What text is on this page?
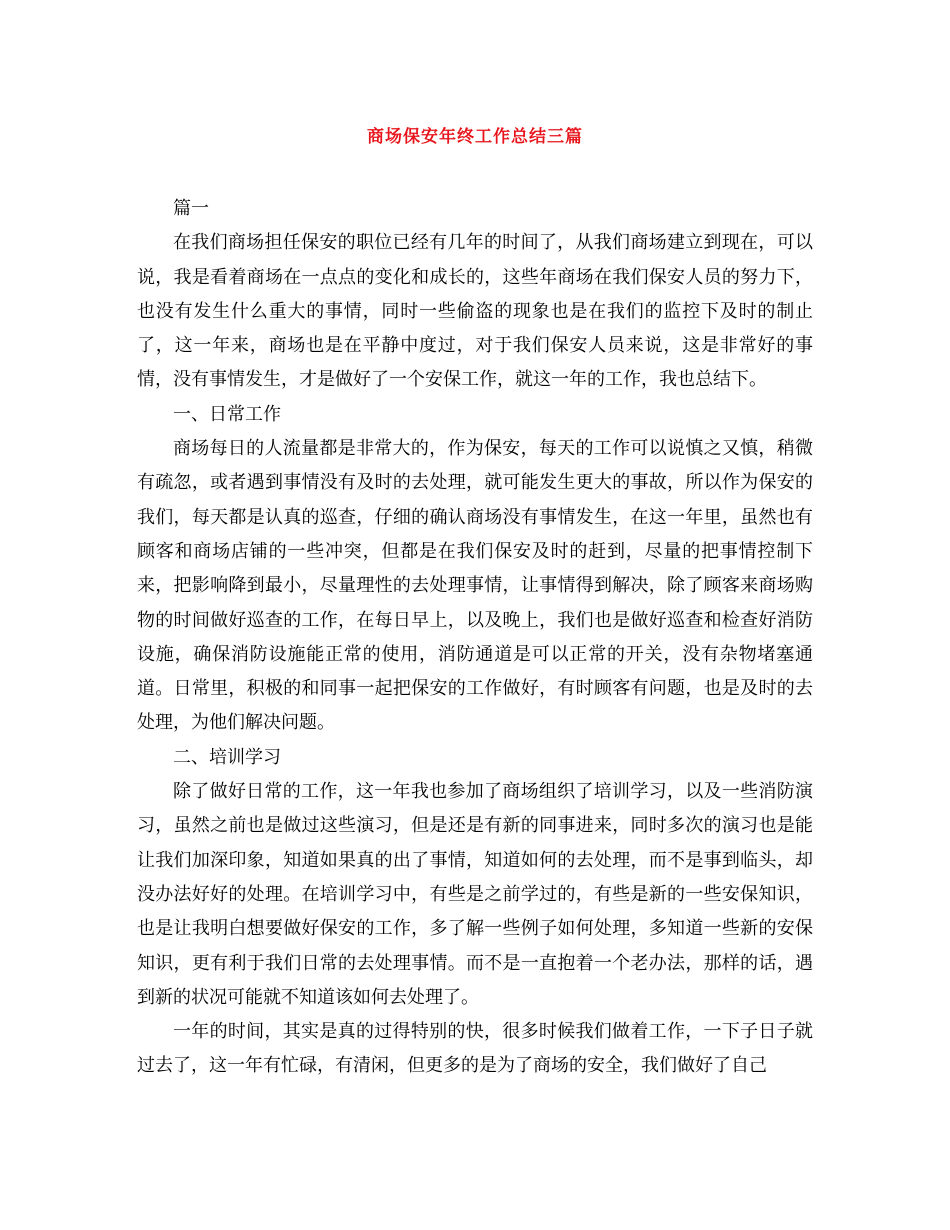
商场保安年终工作总结三篇

篇一

在我们商场担任保安的职位已经有几年的时间了，从我们商场建立到现在，可以说，我是看着商场在一点点的变化和成长的，这些年商场在我们保安人员的努力下，也没有发生什么重大的事情，同时一些偷盗的现象也是在我们的监控下及时的制止了，这一年来，商场也是在平静中度过，对于我们保安人员来说，这是非常好的事情，没有事情发生，才是做好了一个安保工作，就这一年的工作，我也总结下。

一、日常工作

商场每日的人流量都是非常大的，作为保安，每天的工作可以说慎之又慎，稍微有疏忽，或者遇到事情没有及时的去处理，就可能发生更大的事故，所以作为保安的我们，每天都是认真的巡查，仔细的确认商场没有事情发生，在这一年里，虽然也有顾客和商场店铺的一些冲突，但都是在我们保安及时的赶到，尽量的把事情控制下来，把影响降到最小，尽量理性的去处理事情，让事情得到解决，除了顾客来商场购物的时间做好巡查的工作，在每日早上，以及晚上，我们也是做好巡查和检查好消防设施，确保消防设施能正常的使用，消防通道是可以正常的开关，没有杂物堵塞通道。日常里，积极的和同事一起把保安的工作做好，有时顾客有问题，也是及时的去处理，为他们解决问题。

二、培训学习

除了做好日常的工作，这一年我也参加了商场组织了培训学习，以及一些消防演习，虽然之前也是做过这些演习，但是还是有新的同事进来，同时多次的演习也是能让我们加深印象，知道如果真的出了事情，知道如何的去处理，而不是事到临头，却没办法好好的处理。在培训学习中，有些是之前学过的，有些是新的一些安保知识，也是让我明白想要做好保安的工作，多了解一些例子如何处理，多知道一些新的安保知识，更有利于我们日常的去处理事情。而不是一直抱着一个老办法，那样的话，遇到新的状况可能就不知道该如何去处理了。

一年的时间，其实是真的过得特别的快，很多时候我们做着工作，一下子日子就过去了，这一年有忙碌，有清闲，但更多的是为了商场的安全，我们做好了自己
